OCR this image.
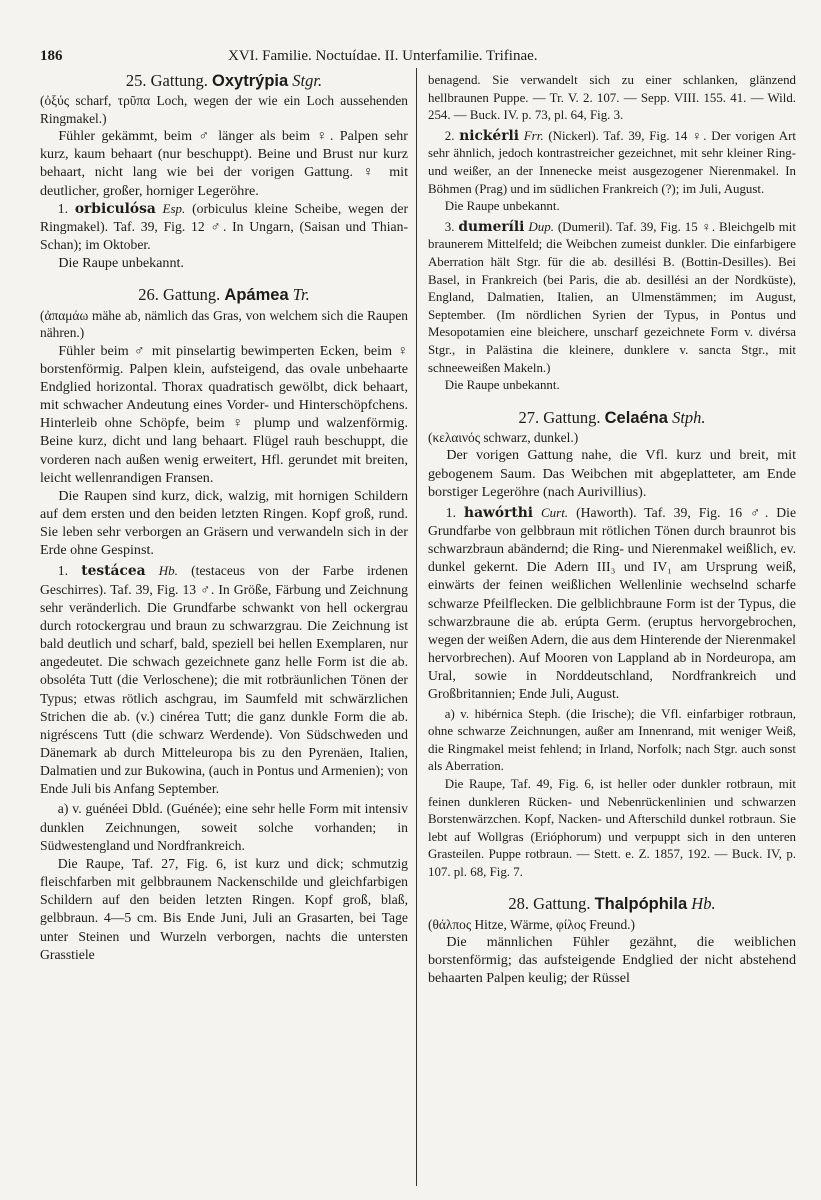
186	XVI. Familie. Noctuídae. II. Unterfamilie. Trifinae.
25. Gattung. Oxytrýpia Stgr.

(ὀξύς scharf, τρῦπα Loch, wegen der wie ein Loch aussehenden Ringmakel.)

Fühler gekämmt, beim ♂ länger als beim ♀. Palpen sehr kurz, kaum behaart (nur beschuppt). Beine und Brust nur kurz behaart, nicht lang wie bei der vorigen Gattung. ♀ mit deutlicher, großer, horniger Legeröhre.

1. orbiculósa Esp. (orbiculus kleine Scheibe, wegen der Ringmakel). Taf. 39, Fig. 12 ♂. In Ungarn, (Saisan und Thian-Schan); im Oktober.

Die Raupe unbekannt.

26. Gattung. Apámea Tr.

(ἀπαμάω mähe ab, nämlich das Gras, von welchem sich die Raupen nähren.)

Fühler beim ♂ mit pinselartig bewimperten Ecken, beim ♀ borstenförmig. Palpen klein, aufsteigend, das ovale unbehaarte Endglied horizontal. Thorax quadratisch gewölbt, dick behaart, mit schwacher Andeutung eines Vorder- und Hinterschöpfchens. Hinterleib ohne Schöpfe, beim ♀ plump und walzenförmig. Beine kurz, dicht und lang behaart. Flügel rauh beschuppt, die vorderen nach außen wenig erweitert, Hfl. gerundet mit breiten, leicht wellenrandigen Fransen.

Die Raupen sind kurz, dick, walzig, mit hornigen Schildern auf dem ersten und den beiden letzten Ringen. Kopf groß, rund. Sie leben sehr verborgen an Gräsern und verwandeln sich in der Erde ohne Gespinst.

1. testácea Hb. (testaceus von der Farbe irdenen Geschirres). Taf. 39, Fig. 13 ♂. In Größe, Färbung und Zeichnung sehr veränderlich. Die Grundfarbe schwankt von hell ockergrau durch rotockergrau und braun zu schwarzgrau. Die Zeichnung ist bald deutlich und scharf, bald, speziell bei hellen Exemplaren, nur angedeutet. Die schwach gezeichnete ganz helle Form ist die ab. obsoléta Tutt (die Verloschene); die mit rotbräunlichen Tönen der Typus; etwas rötlich aschgrau, im Saumfeld mit schwärzlichen Strichen die ab. (v.) cinérea Tutt; die ganz dunkle Form die ab. nigréscens Tutt (die schwarz Werdende). Von Südschweden und Dänemark ab durch Mitteleuropa bis zu den Pyrenäen, Italien, Dalmatien und zur Bukowina, (auch in Pontus und Armenien); von Ende Juli bis Anfang September.

a) v. guénéei Dbld. (Guénée); eine sehr helle Form mit intensiv dunklen Zeichnungen, soweit solche vorhanden; in Südwestengland und Nordfrankreich.

Die Raupe, Taf. 27, Fig. 6, ist kurz und dick; schmutzig fleischfarben mit gelbbraunem Nackenschilde und gleichfarbigen Schildern auf den beiden letzten Ringen. Kopf groß, blaß, gelbbraun. 4—5 cm. Bis Ende Juni, Juli an Grasarten, bei Tage unter Steinen und Wurzeln verborgen, nachts die untersten Grasstiele

benagend. Sie verwandelt sich zu einer schlanken, glänzend hellbraunen Puppe. — Tr. V. 2. 107. — Sepp. VIII. 155. 41. — Wild. 254. — Buck. IV. p. 73, pl. 64, Fig. 3.

2. nickérli Frr. (Nickerl). Taf. 39, Fig. 14 ♀. Der vorigen Art sehr ähnlich, jedoch kontrastreicher gezeichnet, mit sehr kleiner Ring- und weißer, an der Innenecke meist ausgezogener Nierenmakel. In Böhmen (Prag) und im südlichen Frankreich (?); im Juli, August.

Die Raupe unbekannt.

3. dumeríli Dup. (Dumeril). Taf. 39, Fig. 15 ♀. Bleichgelb mit braunerem Mittelfeld; die Weibchen zumeist dunkler. Die einfarbigere Aberration hält Stgr. für die ab. desillési B. (Bottin-Desilles). Bei Basel, in Frankreich (bei Paris, die ab. desillési an der Nordküste), England, Dalmatien, Italien, an Ulmenstämmen; im August, September. (Im nördlichen Syrien der Typus, in Pontus und Mesopotamien eine bleichere, unscharf gezeichnete Form v. divérsa Stgr., in Palästina die kleinere, dunklere v. sancta Stgr., mit schneeweißen Makeln.)

Die Raupe unbekannt.

27. Gattung. Celaéna Stph.

(κελαινός schwarz, dunkel.)

Der vorigen Gattung nahe, die Vfl. kurz und breit, mit gebogenem Saum. Das Weibchen mit abgeplatteter, am Ende borstiger Legeröhre (nach Aurivillius).

1. hawórthi Curt. (Haworth). Taf. 39, Fig. 16 ♂. Die Grundfarbe von gelbbraun mit rötlichen Tönen durch braunrot bis schwarzbraun abändernd; die Ring- und Nierenmakel weißlich, ev. dunkel gekernt. Die Adern III₃ und IV₁ am Ursprung weiß, einwärts der feinen weißlichen Wellenlinie wechselnd scharfe schwarze Pfeilflecken. Die gelblichbraune Form ist der Typus, die schwarzbraune die ab. erúpta Germ. (eruptus hervorgebrochen, wegen der weißen Adern, die aus dem Hinterende der Nierenmakel hervorbrechen). Auf Mooren von Lappland ab in Nordeuropa, am Ural, sowie in Norddeutschland, Nordfrankreich und Großbritannien; Ende Juli, August.

a) v. hibérnica Steph. (die Irische); die Vfl. einfarbiger rotbraun, ohne schwarze Zeichnungen, außer am Innenrand, mit weniger Weiß, die Ringmakel meist fehlend; in Irland, Norfolk; nach Stgr. auch sonst als Aberration.

Die Raupe, Taf. 49, Fig. 6, ist heller oder dunkler rotbraun, mit feinen dunkleren Rücken- und Nebenrückenlinien und schwarzen Borstenwärzchen. Kopf, Nacken- und Afterschild dunkel rotbraun. Sie lebt auf Wollgras (Erióphorum) und verpuppt sich in den unteren Grasteilen. Puppe rotbraun. — Stett. e. Z. 1857, 192. — Buck. IV, p. 107. pl. 68, Fig. 7.

28. Gattung. Thalpóphila Hb.

(θάλπος Hitze, Wärme, φίλος Freund.)

Die männlichen Fühler gezähnt, die weiblichen borstenförmig; das aufsteigende Endglied der nicht abstehend behaarten Palpen keulig; der Rüssel
